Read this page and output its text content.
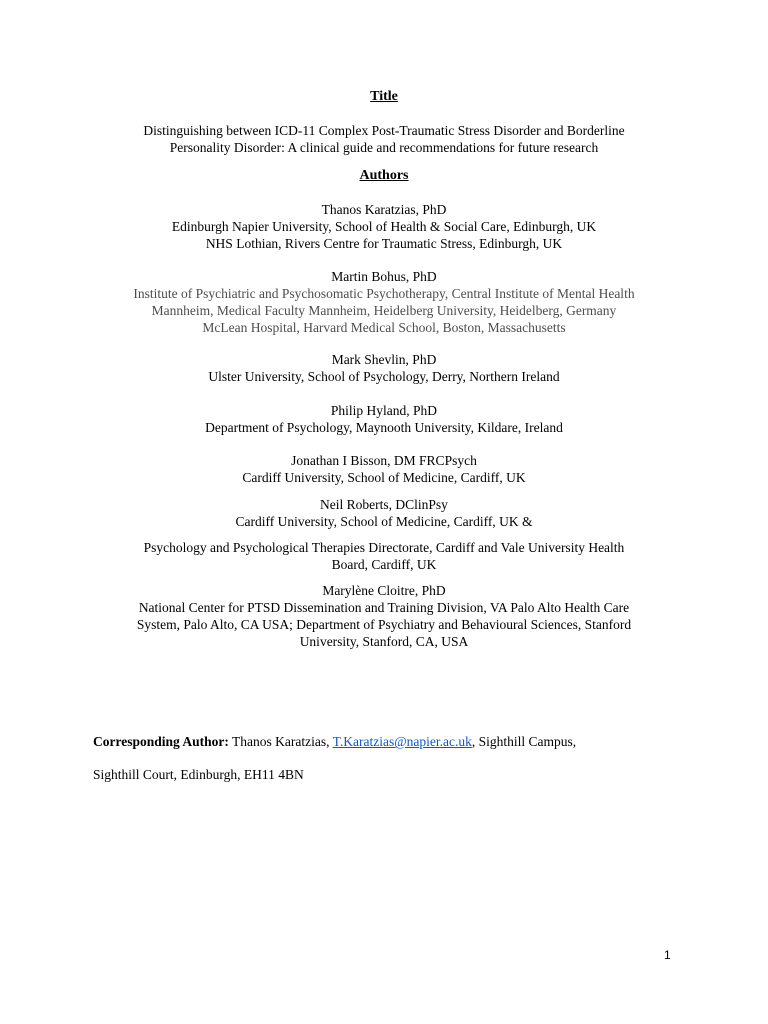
Title
Distinguishing between ICD-11 Complex Post-Traumatic Stress Disorder and Borderline
Personality Disorder: A clinical guide and recommendations for future research
Authors
Thanos Karatzias, PhD
Edinburgh Napier University, School of Health & Social Care, Edinburgh, UK
NHS Lothian, Rivers Centre for Traumatic Stress, Edinburgh, UK
Martin Bohus, PhD
Institute of Psychiatric and Psychosomatic Psychotherapy, Central Institute of Mental Health
Mannheim, Medical Faculty Mannheim, Heidelberg University, Heidelberg, Germany
McLean Hospital, Harvard Medical School, Boston, Massachusetts
Mark Shevlin, PhD
Ulster University, School of Psychology, Derry, Northern Ireland
Philip Hyland, PhD
Department of Psychology, Maynooth University, Kildare, Ireland
Jonathan I Bisson, DM FRCPsych
Cardiff University, School of Medicine, Cardiff, UK
Neil Roberts, DClinPsy
Cardiff University, School of Medicine, Cardiff, UK &
Psychology and Psychological Therapies Directorate, Cardiff and Vale University Health
Board, Cardiff, UK
Marylène Cloitre, PhD
National Center for PTSD Dissemination and Training Division, VA Palo Alto Health Care
System, Palo Alto, CA USA; Department of Psychiatry and Behavioural Sciences, Stanford
University, Stanford, CA, USA
Corresponding Author: Thanos Karatzias, T.Karatzias@napier.ac.uk, Sighthill Campus,
Sighthill Court, Edinburgh, EH11 4BN
1
